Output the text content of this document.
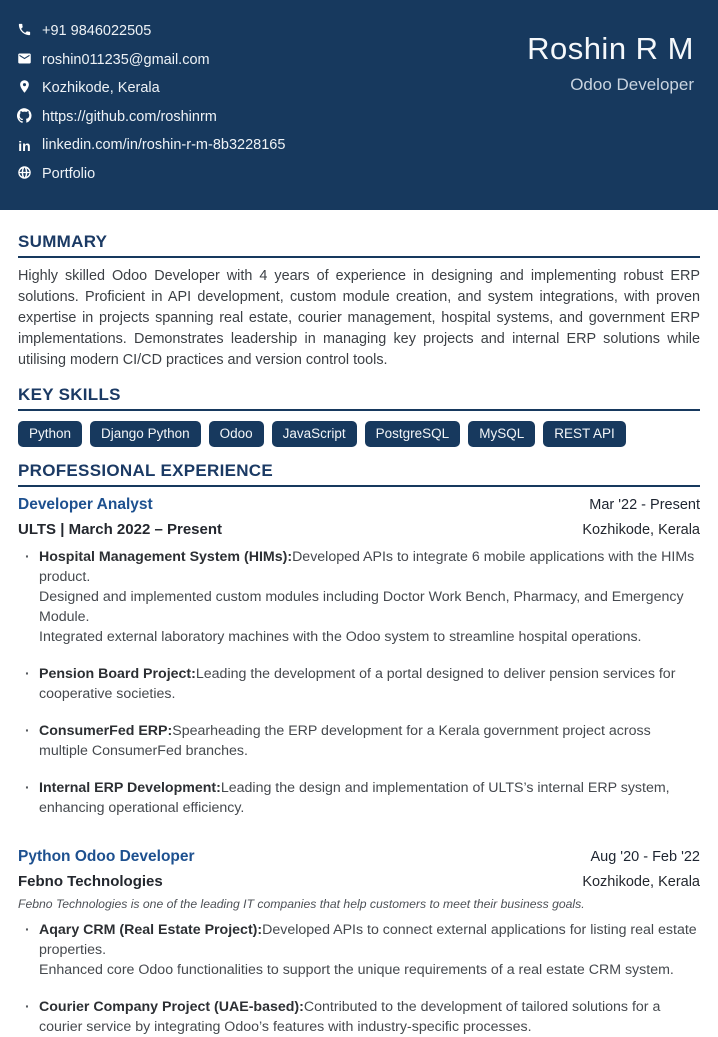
+91 9846022505
roshin011235@gmail.com
Kozhikode, Kerala
https://github.com/roshinrm
in linkedin.com/in/roshin-r-m-8b3228165
Portfolio
Roshin R M
Odoo Developer
SUMMARY

Highly skilled Odoo Developer with 4 years of experience in designing and implementing robust ERP solutions. Proficient in API development, custom module creation, and system integrations, with proven expertise in projects spanning real estate, courier management, hospital systems, and government ERP implementations. Demonstrates leadership in managing key projects and internal ERP solutions while utilising modern CI/CD practices and version control tools.

KEY SKILLS
Python	Django Python	Odoo	JavaScript	PostgreSQL	MySQL	REST API
PROFESSIONAL EXPERIENCE
Developer Analyst	Mar '22 - Present
ULTS | March 2022 – Present	Kozhikode, Kerala
· Hospital Management System (HIMs):Developed APIs to integrate 6 mobile applications with the HIMs product.
Designed and implemented custom modules including Doctor Work Bench, Pharmacy, and Emergency Module.
Integrated external laboratory machines with the Odoo system to streamline hospital operations.
· Pension Board Project:Leading the development of a portal designed to deliver pension services for cooperative societies.
· ConsumerFed ERP:Spearheading the ERP development for a Kerala government project across multiple ConsumerFed branches.
· Internal ERP Development:Leading the design and implementation of ULTS’s internal ERP system, enhancing operational efficiency.
Python Odoo Developer	Aug '20 - Feb '22
Febno Technologies	Kozhikode, Kerala
Febno Technologies is one of the leading IT companies that help customers to meet their business goals.
· Aqary CRM (Real Estate Project):Developed APIs to connect external applications for listing real estate properties.
Enhanced core Odoo functionalities to support the unique requirements of a real estate CRM system.
· Courier Company Project (UAE-based):Contributed to the development of tailored solutions for a courier service by integrating Odoo’s features with industry-specific processes.
